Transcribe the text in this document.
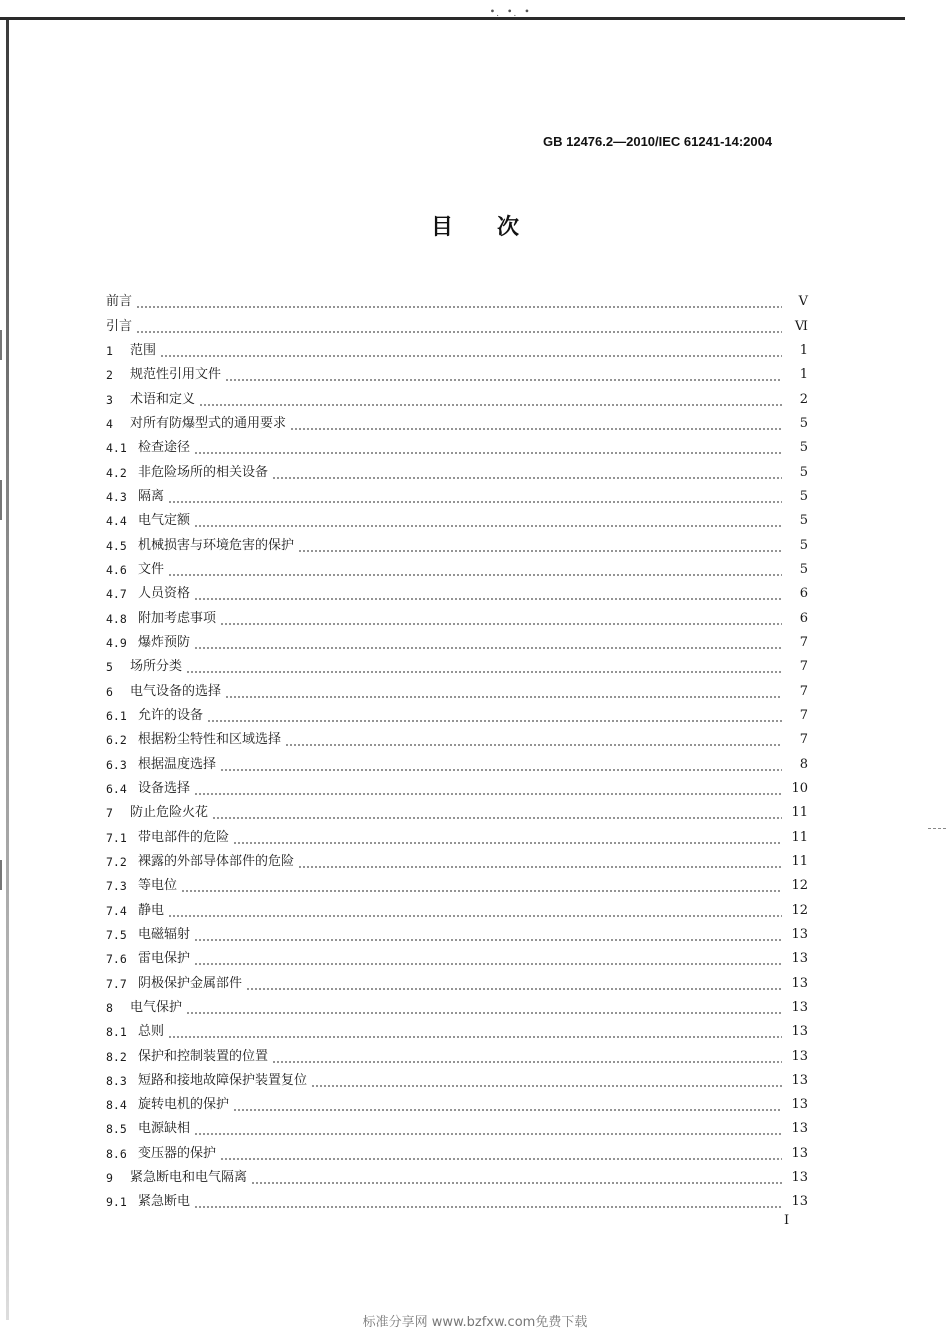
∙ ̣ ∙ ̣ ∙
GB 12476.2—2010/IEC 61241-14:2004
目次
前言	Ⅴ
引言	Ⅵ
1	范围	1
2	规范性引用文件	1
3	术语和定义	2
4	对所有防爆型式的通用要求	5
4.1 检查途径	5
4.2 非危险场所的相关设备	5
4.3 隔离	5
4.4 电气定额	5
4.5 机械损害与环境危害的保护	5
4.6 文件	5
4.7 人员资格	6
4.8 附加考虑事项	6
4.9 爆炸预防	7
5	场所分类	7
6	电气设备的选择	7
6.1 允许的设备	7
6.2 根据粉尘特性和区域选择	7
6.3 根据温度选择	8
6.4 设备选择	10
7	防止危险火花	11
7.1 带电部件的危险	11
7.2 裸露的外部导体部件的危险	11
7.3 等电位	12
7.4 静电	12
7.5 电磁辐射	13
7.6 雷电保护	13
7.7 阴极保护金属部件	13
8	电气保护	13
8.1 总则	13
8.2 保护和控制装置的位置	13
8.3 短路和接地故障保护装置复位	13
8.4 旋转电机的保护	13
8.5 电源缺相	13
8.6 变压器的保护	13
9	紧急断电和电气隔离	13
9.1 紧急断电	13
Ⅰ
标准分享网 www.bzfxw.com免费下载
